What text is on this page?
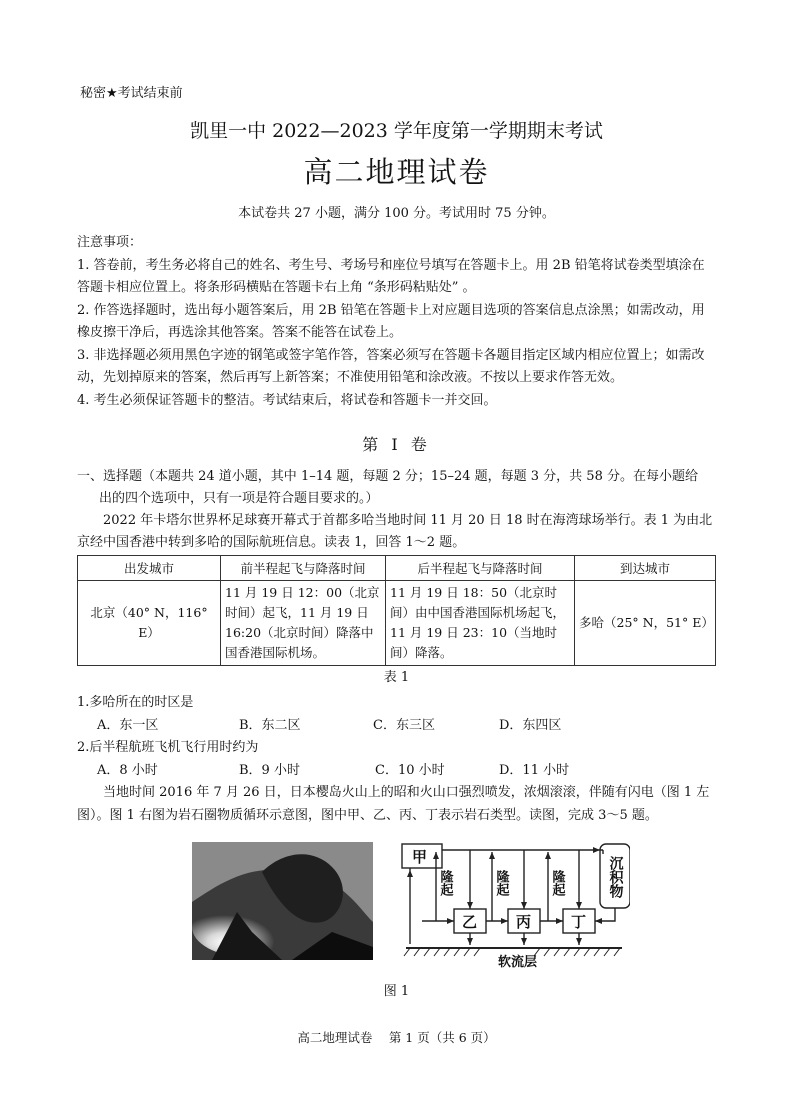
秘密★考试结束前
凯里一中 2022—2023 学年度第一学期期末考试
高二地理试卷
本试卷共 27 小题，满分 100 分。考试用时 75 分钟。
注意事项：
1. 答卷前，考生务必将自己的姓名、考生号、考场号和座位号填写在答题卡上。用 2B 铅笔将试卷类型填涂在答题卡相应位置上。将条形码横贴在答题卡右上角 “条形码粘贴处” 。
2. 作答选择题时，选出每小题答案后，用 2B 铅笔在答题卡上对应题目选项的答案信息点涂黑；如需改动，用橡皮擦干净后，再选涂其他答案。答案不能答在试卷上。
3. 非选择题必须用黑色字迹的钢笔或签字笔作答，答案必须写在答题卡各题目指定区域内相应位置上；如需改动，先划掉原来的答案，然后再写上新答案；不准使用铅笔和涂改液。不按以上要求作答无效。
4. 考生必须保证答题卡的整洁。考试结束后，将试卷和答题卡一并交回。
第 Ⅰ 卷
一、选择题（本题共 24 道小题，其中 1–14 题，每题 2 分；15–24 题，每题 3 分，共 58 分。在每小题给
出的四个选项中，只有一项是符合题目要求的。）
2022 年卡塔尔世界杯足球赛开幕式于首都多哈当地时间 11 月 20 日 18 时在海湾球场举行。表 1 为由北京经中国香港中转到多哈的国际航班信息。读表 1，回答 1～2 题。
出发城市	前半程起飞与降落时间	后半程起飞与降落时间	到达城市
北京（40° N，116° E）	11 月 19 日 12：00（北京时间）起飞，11 月 19 日 16:20（北京时间）降落中国香港国际机场。	11 月 19 日 18：50（北京时间）由中国香港国际机场起飞，11 月 19 日 23：10（当地时间）降落。	多哈（25° N，51° E）
表 1
1.多哈所在的时区是
A．东一区	B．东二区	C．东三区	D．东四区
2.后半程航班飞机飞行用时约为
A．8 小时	B．9 小时	C．10 小时	D．11 小时
当地时间 2016 年 7 月 26 日，日本樱岛火山上的昭和火山口强烈喷发，浓烟滚滚，伴随有闪电（图 1 左图）。图 1 右图为岩石圈物质循环示意图，图中甲、乙、丙、丁表示岩石类型。读图，完成 3～5 题。
甲
乙	丙	丁
软流层
沉积物
隆起	隆起	隆起
图 1
高二地理试卷　 第 1 页（共 6 页）
